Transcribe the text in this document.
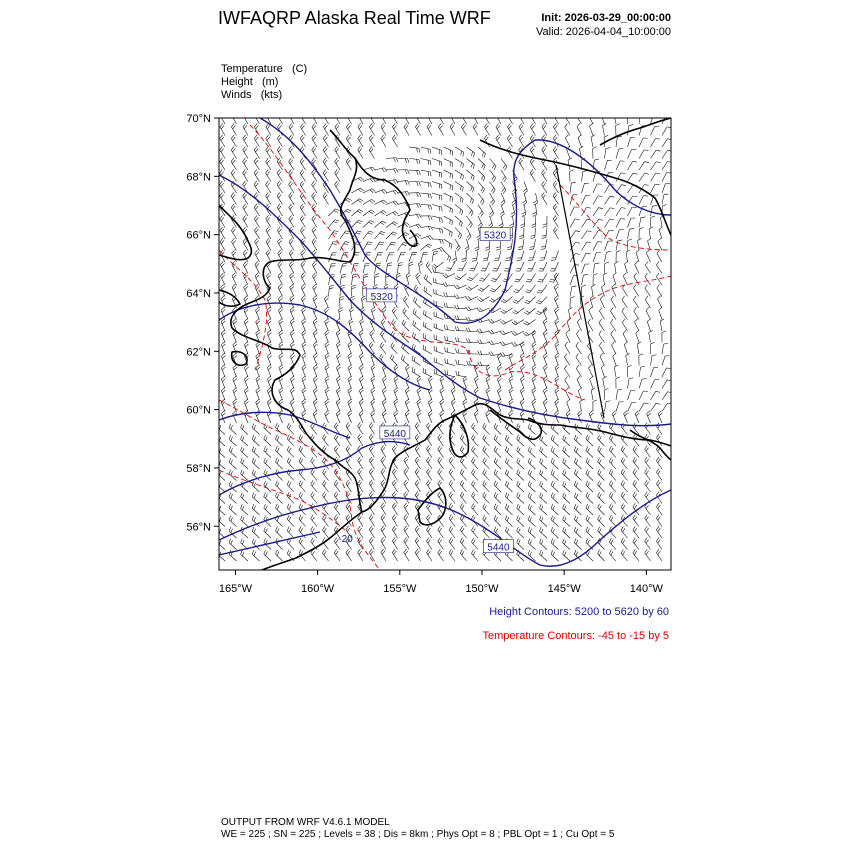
IWFAQRP Alaska Real Time WRF	Init: 2026-03-29_00:00:00
Valid: 2026-04-04_10:00:00
Temperature (C)
Height (m)
Winds (kts)
5320
5320
5440
5440
-20
56°N
58°N
60°N
62°N
64°N
66°N
68°N
70°N
165°W	160°W	155°W	150°W	145°W	140°W
Height Contours: 5200 to 5620 by 60
Temperature Contours: -45 to -15 by 5
OUTPUT FROM WRF V4.6.1 MODEL
WE = 225 ; SN = 225 ; Levels = 38 ; Dis = 8km ; Phys Opt = 8 ; PBL Opt = 1 ; Cu Opt = 5
